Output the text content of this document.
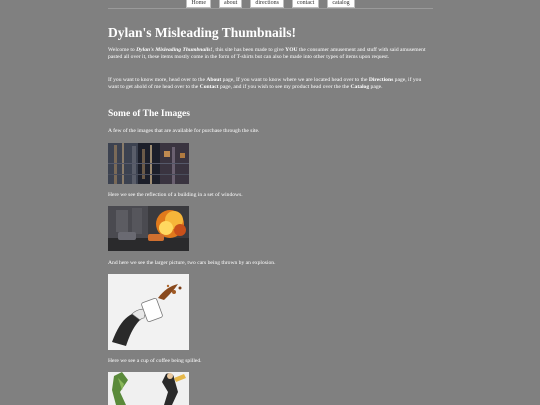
Home	about	directions	contact	catalog
Dylan's Misleading Thumbnails!

Welcome to Dylan's Misleading Thumbnails!, this site has been made to give YOU the consumer amusement and stuff with said amusement pasted all over it, these items mostly come in the form of T-shirts but can also be made into other types of items upon request.

If you want to know more, head over to the About page, If you want to know where we are located head over to the Directions page, if you want to get ahold of me head over to the Contact page, and if you wish to see my product head over the the Catalog page.

Some of The Images

A few of the images that are available for purchase through the site.

Here we see the reflection of a building in a set of windows.

And here we see the larger picture, two cars being thrown by an explosion.

Here we see a cup of coffee being spilled.
